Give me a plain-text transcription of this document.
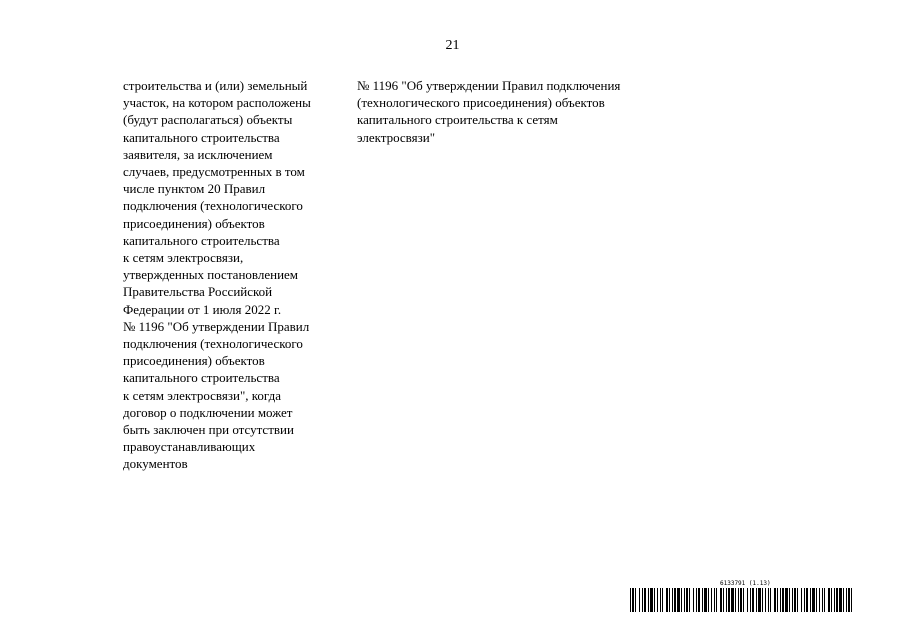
21
строительства и (или) земельный
участок, на котором расположены
(будут располагаться) объекты
капитального строительства
заявителя, за исключением
случаев, предусмотренных в том
числе пунктом 20 Правил
подключения (технологического
присоединения) объектов
капитального строительства
к сетям электросвязи,
утвержденных постановлением
Правительства Российской
Федерации от 1 июля 2022 г.
№ 1196 "Об утверждении Правил
подключения (технологического
присоединения) объектов
капитального строительства
к сетям электросвязи", когда
договор о подключении может
быть заключен при отсутствии
правоустанавливающих
документов
№ 1196 "Об утверждении Правил подключения
(технологического присоединения) объектов
капитального строительства к сетям
электросвязи"
6133791 (1.13)
